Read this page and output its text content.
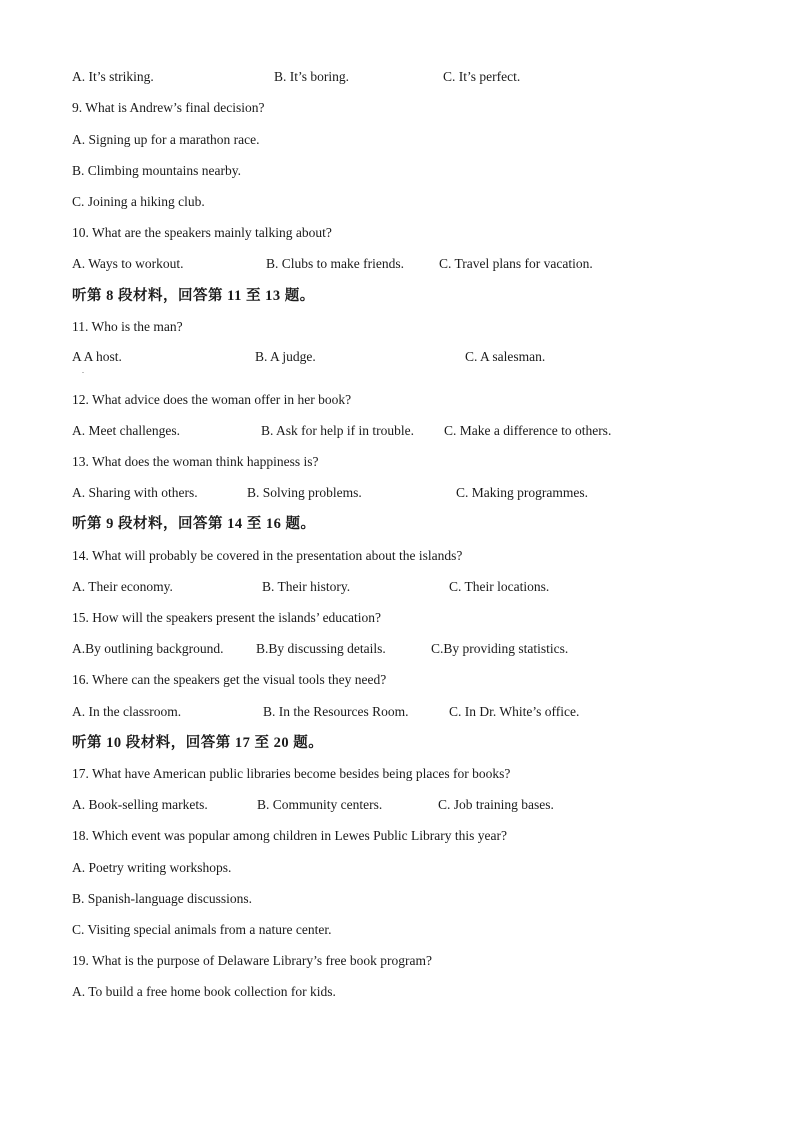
A. It’s striking.	B. It’s boring.	C. It’s perfect.
9. What is Andrew’s final decision?
A. Signing up for a marathon race.
B. Climbing mountains nearby.
C. Joining a hiking club.
10. What are the speakers mainly talking about?
A. Ways to workout.	B. Clubs to make friends.	C. Travel plans for vacation.
听第 8 段材料，回答第 11 至 13 题。
11. Who is the man?
A A host.
.
B. A judge.	C. A salesman.
12. What advice does the woman offer in her book?
A. Meet challenges.	B. Ask for help if in trouble. C. Make a difference to others.
13. What does the woman think happiness is?
A. Sharing with others.	B. Solving problems.	C. Making programmes.
听第 9 段材料，回答第 14 至 16 题。
14. What will probably be covered in the presentation about the islands?
A. Their economy.	B. Their history.	C. Their locations.
15. How will the speakers present the islands’ education?
A.By outlining background. B.By discussing details.	C.By providing statistics.
16. Where can the speakers get the visual tools they need?
A. In the classroom.	B. In the Resources Room.	C. In Dr. White’s office.
听第 10 段材料，回答第 17 至 20 题。
17. What have American public libraries become besides being places for books?
A. Book-selling markets.	B. Community centers.	C. Job training bases.
18. Which event was popular among children in Lewes Public Library this year?
A. Poetry writing workshops.
B. Spanish-language discussions.
C. Visiting special animals from a nature center.
19. What is the purpose of Delaware Library’s free book program?
A. To build a free home book collection for kids.
